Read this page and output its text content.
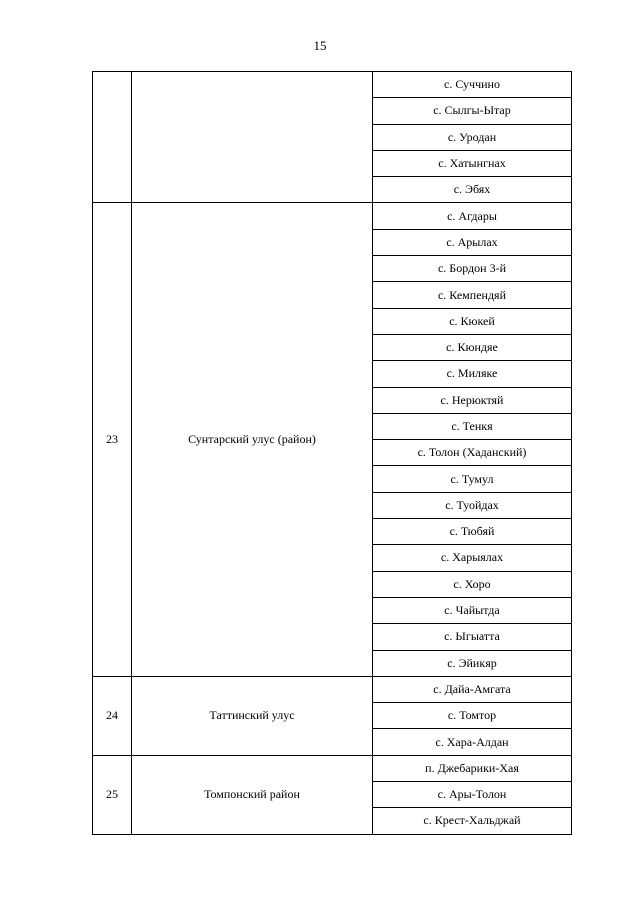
15
		с. Суччино
		с. Сылгы-Ытар
		с. Уродан
		с. Хатынгнах
		с. Эбях
23	Сунтарский улус (район)	с. Агдары
		с. Арылах
		с. Бордон 3-й
		с. Кемпендяй
		с. Кюкей
		с. Кюндяе
		с. Миляке
		с. Нерюктяй
		с. Тенкя
		с. Толон (Хаданский)
		с. Тумул
		с. Туойдах
		с. Тюбяй
		с. Харыялах
		с. Хоро
		с. Чайытда
		с. Ыгыатта
		с. Эйикяр
24	Таттинский улус	с. Дайа-Амгата
		с. Томтор
		с. Хара-Алдан
25	Томпонский район	п. Джебарики-Хая
		с. Ары-Толон
		с. Крест-Хальджай
